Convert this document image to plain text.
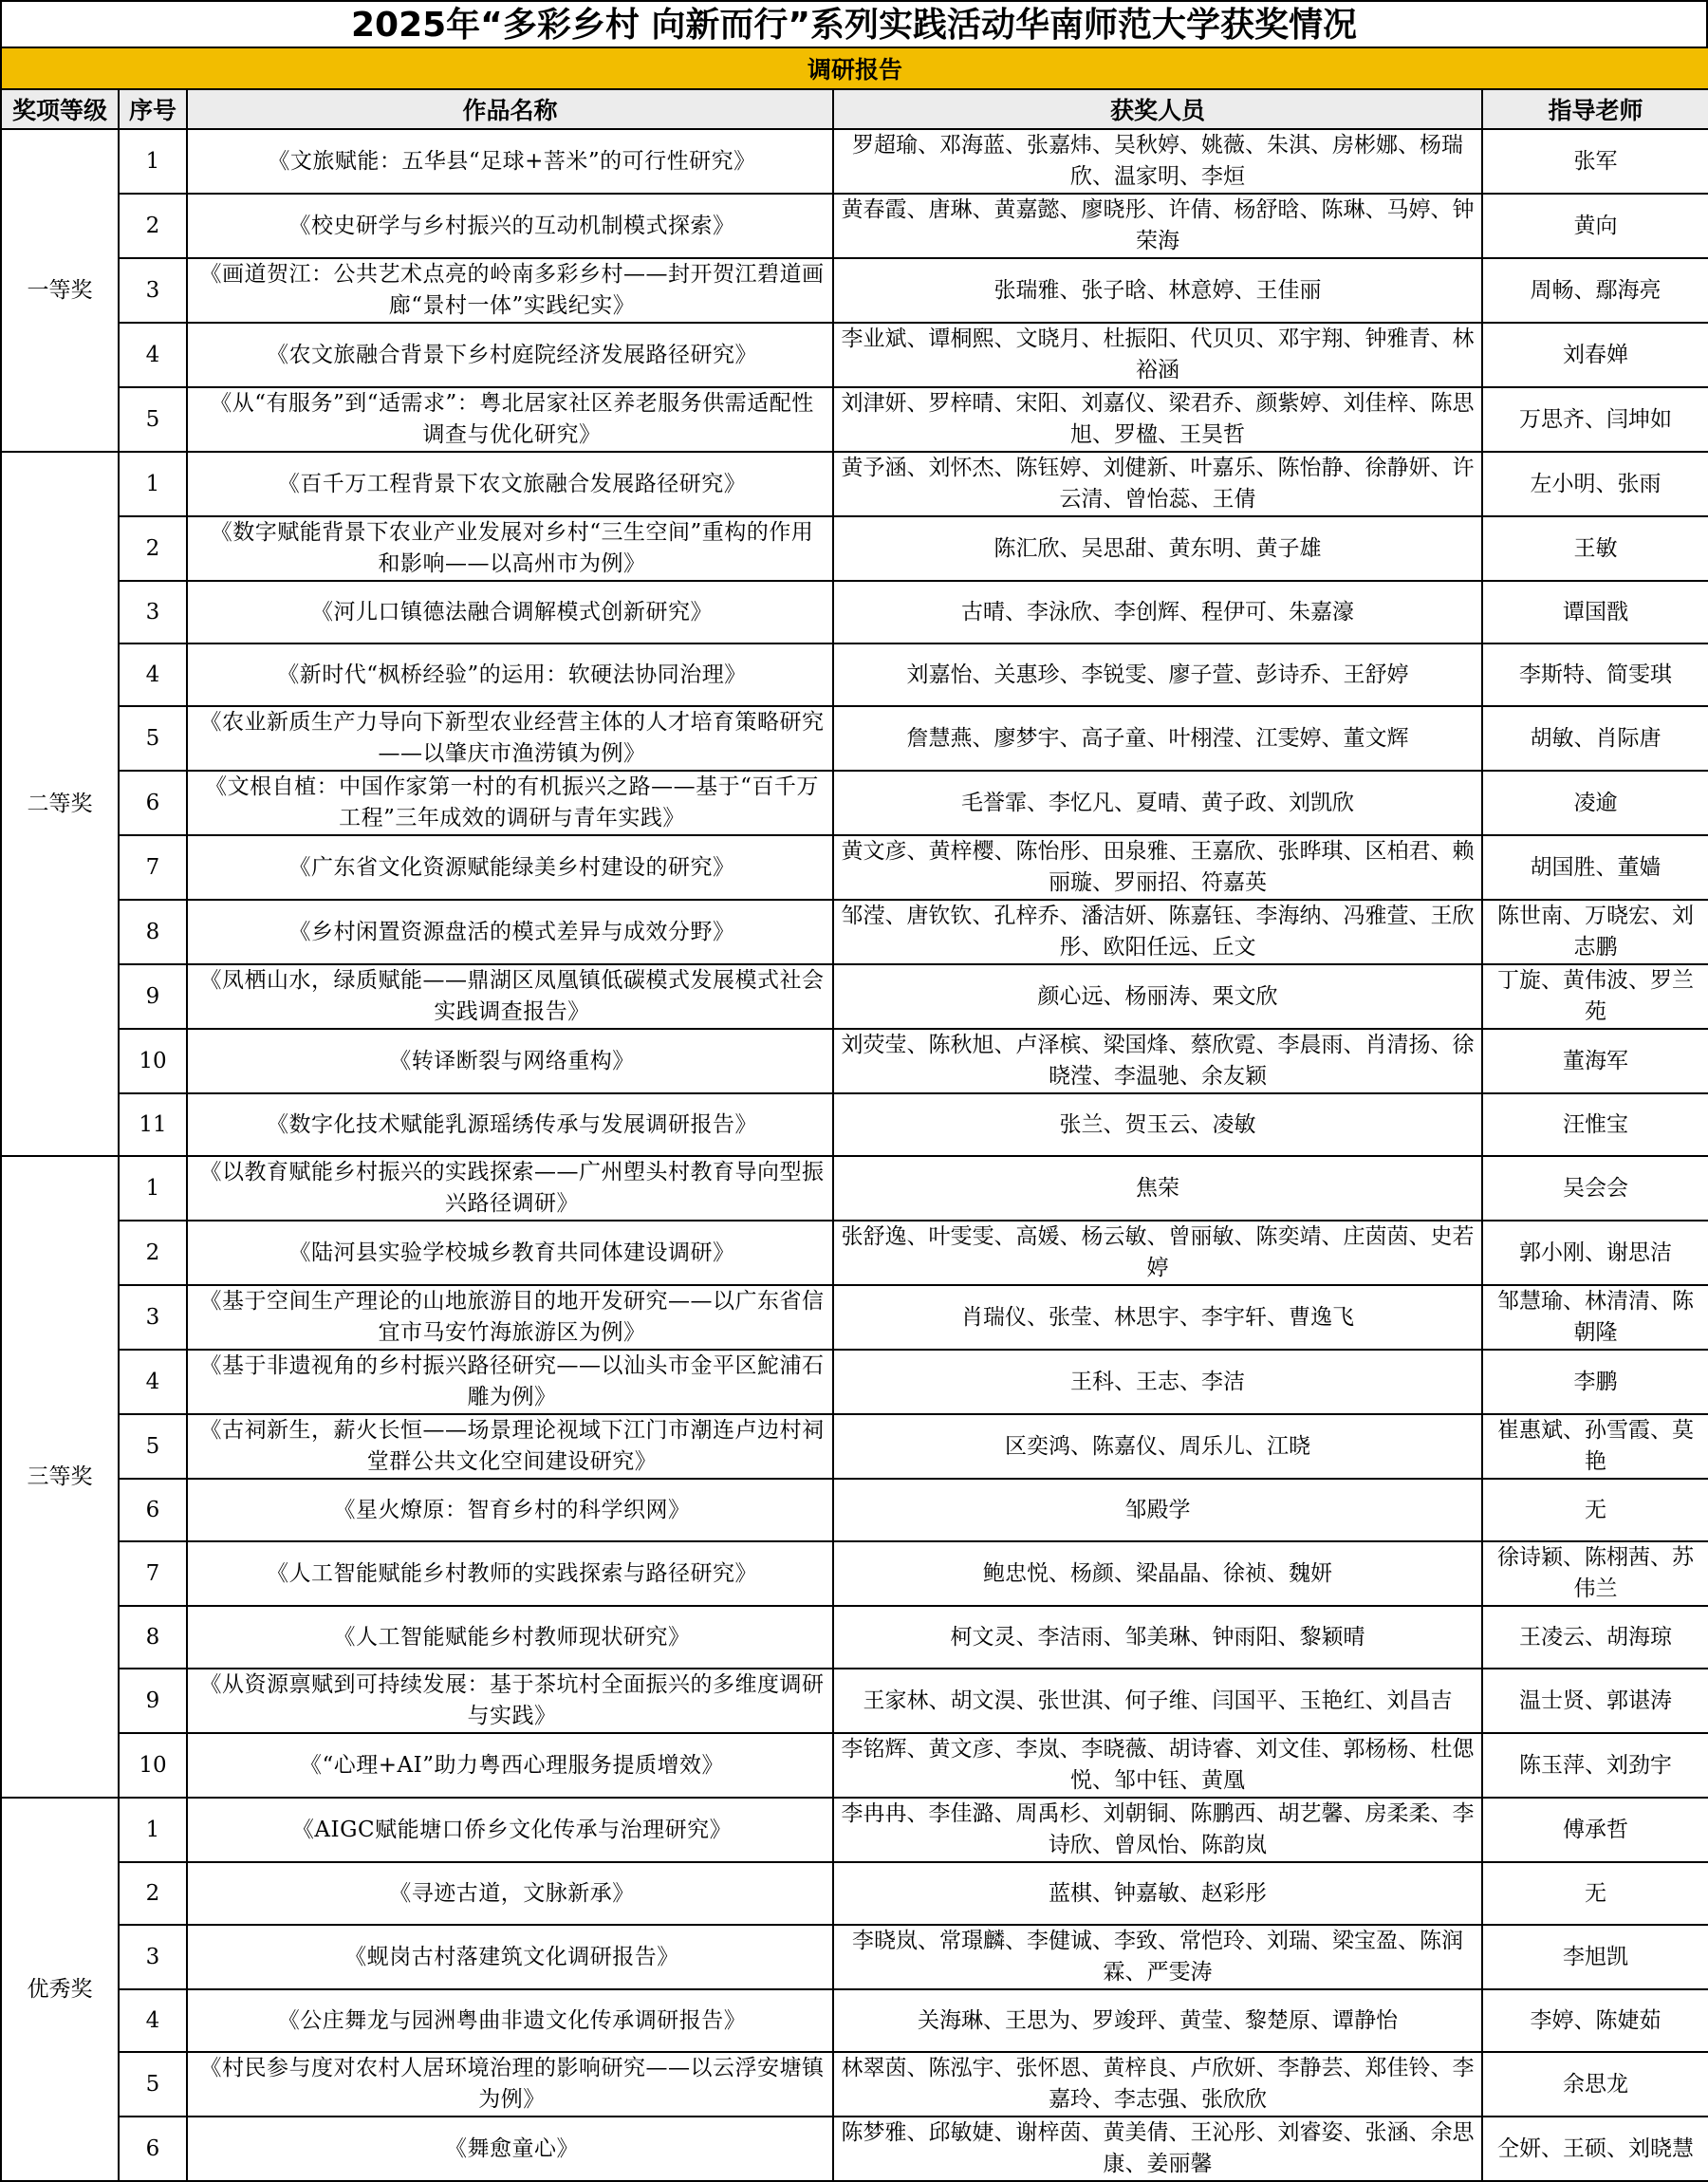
2025年“多彩乡村 向新而行”系列实践活动华南师范大学获奖情况
调研报告				
奖项等级	序号	作品名称	获奖人员	指导老师
一等奖	1	《文旅赋能：五华县“足球+菩米”的可行性研究》	罗超瑜、邓海蓝、张嘉炜、吴秋婷、姚薇、朱淇、房彬娜、杨瑞欣、温家明、李烜	张军
	2	《校史研学与乡村振兴的互动机制模式探索》	黄春霞、唐琳、黄嘉懿、廖晓彤、许倩、杨舒晗、陈琳、马婷、钟荣海	黄向
	3	《画道贺江：公共艺术点亮的岭南多彩乡村——封开贺江碧道画廊“景村一体”实践纪实》	张瑞雅、张子晗、林意婷、王佳丽	周畅、鄢海亮
	4	《农文旅融合背景下乡村庭院经济发展路径研究》	李业斌、谭桐熙、文晓月、杜振阳、代贝贝、邓宇翔、钟雅青、林裕涵	刘春婵
	5	《从“有服务”到“适需求”：粤北居家社区养老服务供需适配性调查与优化研究》	刘津妍、罗梓晴、宋阳、刘嘉仪、梁君乔、颜紫婷、刘佳梓、陈思旭、罗楹、王昊哲	万思齐、闫坤如
二等奖	1	《百千万工程背景下农文旅融合发展路径研究》	黄予涵、刘怀杰、陈钰婷、刘健新、叶嘉乐、陈怡静、徐静妍、许云清、曾怡蕊、王倩	左小明、张雨
	2	《数字赋能背景下农业产业发展对乡村“三生空间”重构的作用和影响——以高州市为例》	陈汇欣、吴思甜、黄东明、黄子雄	王敏
	3	《河儿口镇德法融合调解模式创新研究》	古晴、李泳欣、李创辉、程伊可、朱嘉濠	谭国戬
	4	《新时代“枫桥经验”的运用：软硬法协同治理》	刘嘉怡、关惠珍、李锐雯、廖子萱、彭诗乔、王舒婷	李斯特、简雯琪
	5	《农业新质生产力导向下新型农业经营主体的人才培育策略研究——以肇庆市渔涝镇为例》	詹慧燕、廖梦宇、高子童、叶栩滢、江雯婷、董文辉	胡敏、肖际唐
	6	《文根自植：中国作家第一村的有机振兴之路——基于“百千万工程”三年成效的调研与青年实践》	毛誉霏、李忆凡、夏晴、黄子政、刘凯欣	凌逾
	7	《广东省文化资源赋能绿美乡村建设的研究》	黄文彦、黄梓樱、陈怡彤、田泉雅、王嘉欣、张晔琪、区柏君、赖丽璇、罗丽招、符嘉英	胡国胜、董嫱
	8	《乡村闲置资源盘活的模式差异与成效分野》	邹滢、唐钦钦、孔梓乔、潘洁妍、陈嘉钰、李海纳、冯雅萱、王欣彤、欧阳任远、丘文	陈世南、万晓宏、刘志鹏
	9	《凤栖山水，绿质赋能——鼎湖区凤凰镇低碳模式发展模式社会实践调查报告》	颜心远、杨丽涛、栗文欣	丁旋、黄伟波、罗兰苑
	10	《转译断裂与网络重构》	刘荧莹、陈秋旭、卢泽槟、梁国烽、蔡欣霓、李晨雨、肖清扬、徐晓滢、李温驰、余友颖	董海军
	11	《数字化技术赋能乳源瑶绣传承与发展调研报告》	张兰、贺玉云、凌敏	汪惟宝
三等奖	1	《以教育赋能乡村振兴的实践探索——广州塱头村教育导向型振兴路径调研》	焦荣	吴会会
	2	《陆河县实验学校城乡教育共同体建设调研》	张舒逸、叶雯雯、高媛、杨云敏、曾丽敏、陈奕靖、庄茵茵、史若婷	郭小刚、谢思洁
	3	《基于空间生产理论的山地旅游目的地开发研究——以广东省信宜市马安竹海旅游区为例》	肖瑞仪、张莹、林思宇、李宇轩、曹逸飞	邹慧瑜、林清清、陈朝隆
	4	《基于非遗视角的乡村振兴路径研究——以汕头市金平区鮀浦石雕为例》	王科、王志、李洁	李鹏
	5	《古祠新生，薪火长恒——场景理论视域下江门市潮连卢边村祠堂群公共文化空间建设研究》	区奕鸿、陈嘉仪、周乐儿、江晓	崔惠斌、孙雪霞、莫艳
	6	《星火燎原：智育乡村的科学织网》	邹殿学	无
	7	《人工智能赋能乡村教师的实践探索与路径研究》	鲍忠悦、杨颜、梁晶晶、徐祯、魏妍	徐诗颖、陈栩茜、苏伟兰
	8	《人工智能赋能乡村教师现状研究》	柯文灵、李洁雨、邹美琳、钟雨阳、黎颖晴	王凌云、胡海琼
	9	《从资源禀赋到可持续发展：基于茶坑村全面振兴的多维度调研与实践》	王家林、胡文淏、张世淇、何子维、闫国平、玉艳红、刘昌吉	温士贤、郭谌涛
	10	《“心理+AI”助力粤西心理服务提质增效》	李铭辉、黄文彦、李岚、李晓薇、胡诗睿、刘文佳、郭杨杨、杜偲悦、邹中钰、黄凰	陈玉萍、刘劲宇
优秀奖	1	《AIGC赋能塘口侨乡文化传承与治理研究》	李冉冉、李佳潞、周禹杉、刘朝铜、陈鹏西、胡艺馨、房柔柔、李诗欣、曾凤怡、陈韵岚	傅承哲
	2	《寻迹古道，文脉新承》	蓝棋、钟嘉敏、赵彩彤	无
	3	《蚬岗古村落建筑文化调研报告》	李晓岚、常璟麟、李健诚、李致、常恺玲、刘瑞、梁宝盈、陈润霖、严雯涛	李旭凯
	4	《公庄舞龙与园洲粤曲非遗文化传承调研报告》	关海琳、王思为、罗竣玶、黄莹、黎楚原、谭静怡	李婷、陈婕茹
	5	《村民参与度对农村人居环境治理的影响研究——以云浮安塘镇为例》	林翠茵、陈泓宇、张怀恩、黄梓良、卢欣妍、李静芸、郑佳铃、李嘉玲、李志强、张欣欣	余思龙
	6	《舞愈童心》	陈梦雅、邱敏婕、谢梓茵、黄美倩、王沁彤、刘睿姿、张涵、余思康、姜丽馨	仝妍、王硕、刘晓慧
